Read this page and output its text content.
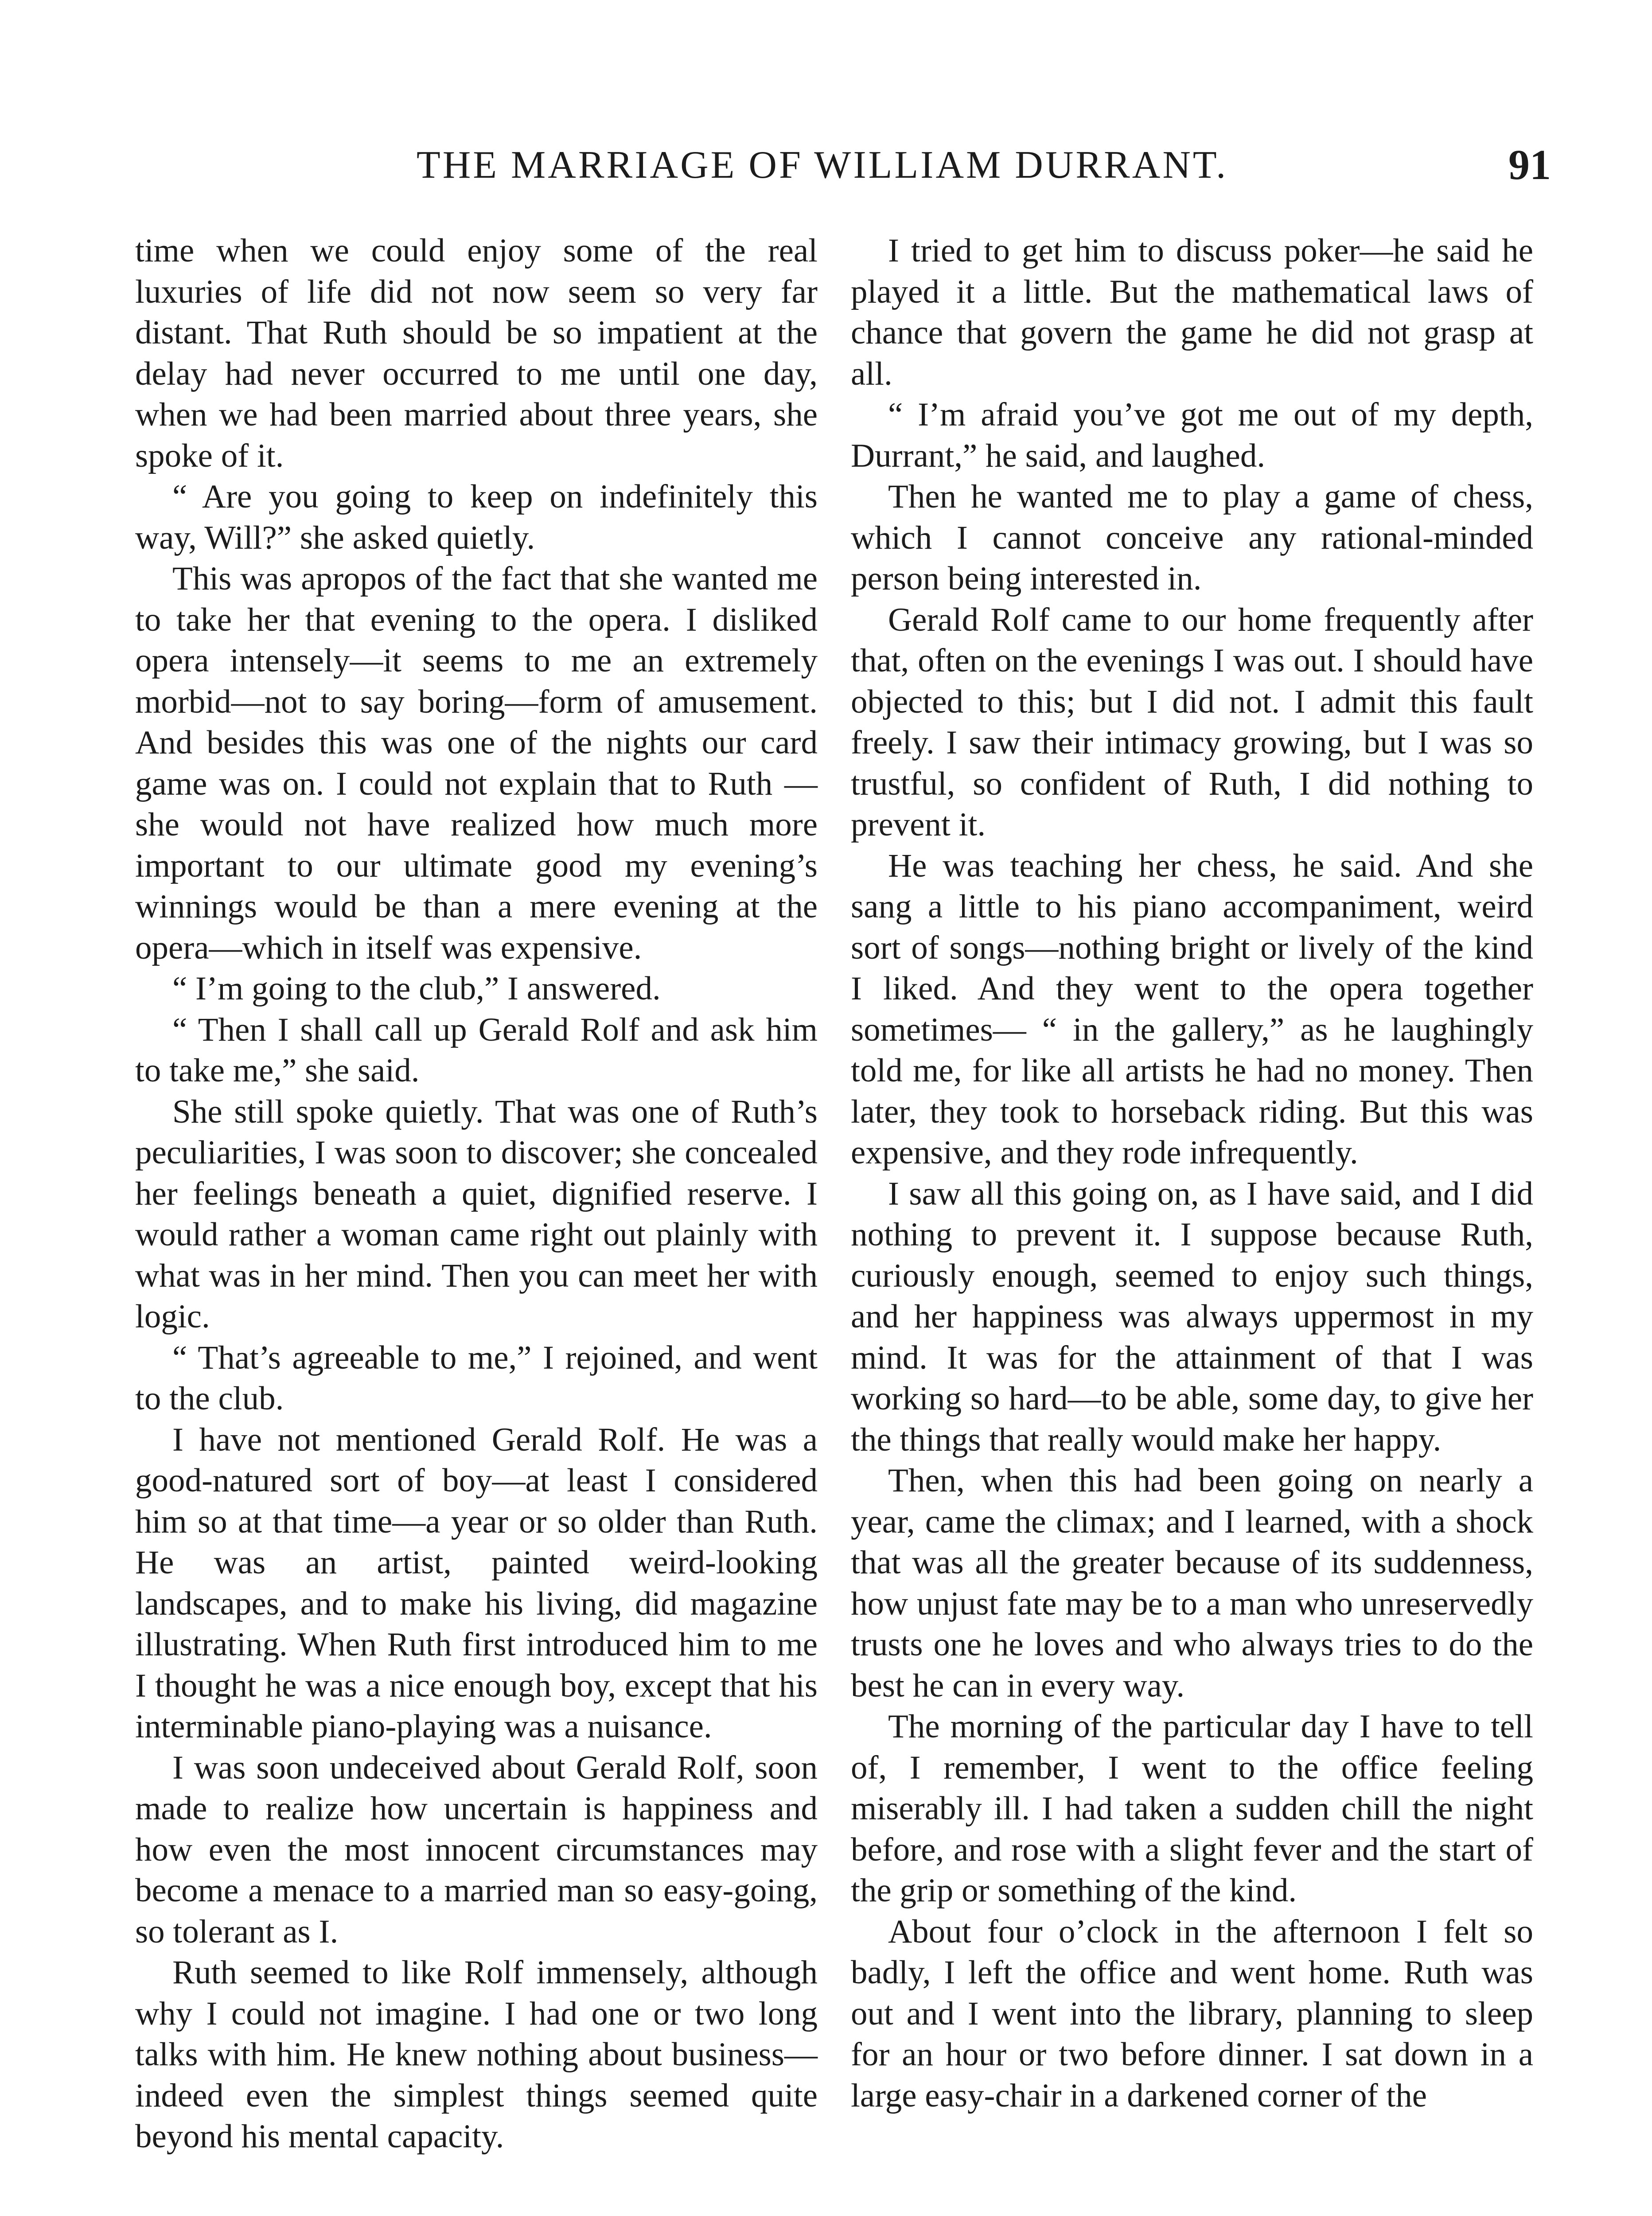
THE MARRIAGE OF WILLIAM DURRANT.	91

time when we could enjoy some of the real luxuries of life did not now seem so very far distant. That Ruth should be so impatient at the delay had never occurred to me until one day, when we had been married about three years, she spoke of it.

“ Are you going to keep on indefinitely this way, Will?” she asked quietly.

This was apropos of the fact that she wanted me to take her that evening to the opera. I disliked opera intensely—it seems to me an extremely morbid—not to say boring—form of amusement. And besides this was one of the nights our card game was on. I could not explain that to Ruth —she would not have realized how much more important to our ultimate good my evening’s winnings would be than a mere evening at the opera—which in itself was expensive.

“ I’m going to the club,” I answered.

“ Then I shall call up Gerald Rolf and ask him to take me,” she said.

She still spoke quietly. That was one of Ruth’s peculiarities, I was soon to discover; she concealed her feelings beneath a quiet, dignified reserve. I would rather a woman came right out plainly with what was in her mind. Then you can meet her with logic.

“ That’s agreeable to me,” I rejoined, and went to the club.

I have not mentioned Gerald Rolf. He was a good-natured sort of boy—at least I considered him so at that time—a year or so older than Ruth. He was an artist, painted weird-looking landscapes, and to make his living, did magazine illustrating. When Ruth first introduced him to me I thought he was a nice enough boy, except that his interminable piano-playing was a nuisance.

I was soon undeceived about Gerald Rolf, soon made to realize how uncertain is happiness and how even the most innocent circumstances may become a menace to a married man so easy-going, so tolerant as I.

Ruth seemed to like Rolf immensely, although why I could not imagine. I had one or two long talks with him. He knew nothing about business—indeed even the simplest things seemed quite beyond his mental capacity.

I tried to get him to discuss poker—he said he played it a little. But the mathematical laws of chance that govern the game he did not grasp at all.

“ I’m afraid you’ve got me out of my depth, Durrant,” he said, and laughed.

Then he wanted me to play a game of chess, which I cannot conceive any rational-minded person being interested in.

Gerald Rolf came to our home frequently after that, often on the evenings I was out. I should have objected to this; but I did not. I admit this fault freely. I saw their intimacy growing, but I was so trustful, so confident of Ruth, I did nothing to prevent it.

He was teaching her chess, he said. And she sang a little to his piano accompaniment, weird sort of songs—nothing bright or lively of the kind I liked. And they went to the opera together sometimes— “ in the gallery,” as he laughingly told me, for like all artists he had no money. Then later, they took to horseback riding. But this was expensive, and they rode infrequently.

I saw all this going on, as I have said, and I did nothing to prevent it. I suppose because Ruth, curiously enough, seemed to enjoy such things, and her happiness was always uppermost in my mind. It was for the attainment of that I was working so hard—to be able, some day, to give her the things that really would make her happy.

Then, when this had been going on nearly a year, came the climax; and I learned, with a shock that was all the greater because of its suddenness, how unjust fate may be to a man who unreservedly trusts one he loves and who always tries to do the best he can in every way.

The morning of the particular day I have to tell of, I remember, I went to the office feeling miserably ill. I had taken a sudden chill the night before, and rose with a slight fever and the start of the grip or something of the kind.

About four o’clock in the afternoon I felt so badly, I left the office and went home. Ruth was out and I went into the library, planning to sleep for an hour or two before dinner. I sat down in a large easy-chair in a darkened corner of the
